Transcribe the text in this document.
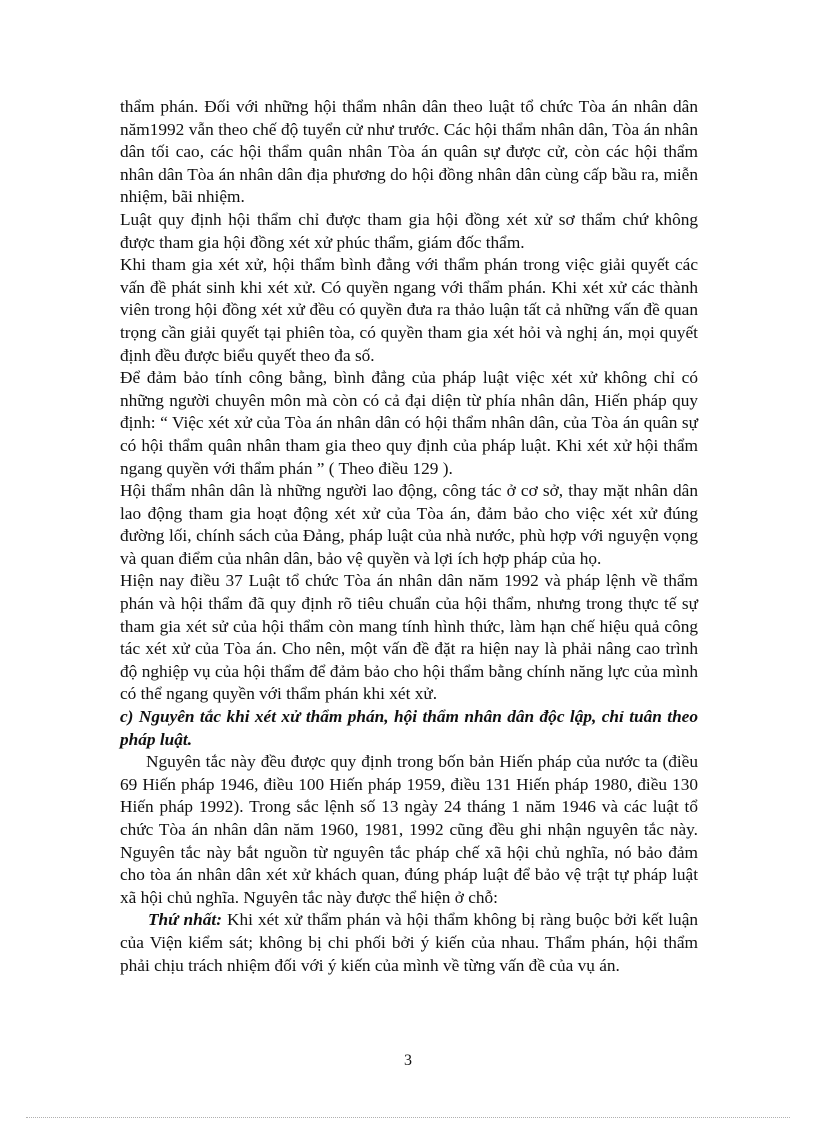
thẩm phán. Đối với những hội thẩm nhân dân theo luật tổ chức Tòa án nhân dân năm1992 vẫn theo chế độ tuyển cử như trước. Các hội thẩm nhân dân, Tòa án nhân dân tối cao, các hội thẩm quân nhân Tòa án quân sự được cử, còn các hội thẩm nhân dân Tòa án nhân dân địa phương do hội đồng nhân dân cùng cấp bầu ra, miễn nhiệm, bãi nhiệm.

Luật quy định hội thẩm chỉ được tham gia hội đồng xét xử sơ thẩm chứ không được tham gia hội đồng xét xử phúc thẩm, giám đốc thẩm.

Khi tham gia xét xử, hội thẩm bình đẳng với thẩm phán trong việc giải quyết các vấn đề phát sinh khi xét xử. Có quyền ngang với thẩm phán. Khi xét xử các thành viên trong hội đồng xét xử đều có quyền đưa ra thảo luận tất cả những vấn đề quan trọng cần giải quyết tại phiên tòa, có quyền tham gia xét hỏi và nghị án, mọi quyết định đều được biểu quyết theo đa số.

Để đảm bảo tính công bằng, bình đẳng của pháp luật việc xét xử không chỉ có những người chuyên môn mà còn có cả đại diện từ phía nhân dân, Hiến pháp quy định: “ Việc xét xử của Tòa án nhân dân có hội thẩm nhân dân, của Tòa án quân sự có hội thẩm quân nhân tham gia theo quy định của pháp luật. Khi xét xử hội thẩm ngang quyền với thẩm phán ” ( Theo điều 129 ).

Hội thẩm nhân dân là những người lao động, công tác ở cơ sở, thay mặt nhân dân lao động tham gia hoạt động xét xử của Tòa án, đảm bảo cho việc xét xử đúng đường lối, chính sách của Đảng, pháp luật của nhà nước, phù hợp với nguyện vọng và quan điểm của nhân dân, bảo vệ quyền và lợi ích hợp pháp của họ.

Hiện nay điều 37 Luật tổ chức Tòa án nhân dân năm 1992 và pháp lệnh về thẩm phán và hội thẩm đã quy định rõ tiêu chuẩn của hội thẩm, nhưng trong thực tế sự tham gia xét sử của hội thẩm còn mang tính hình thức, làm hạn chế hiệu quả công tác xét xử của Tòa án. Cho nên, một vấn đề đặt ra hiện nay là phải nâng cao trình độ nghiệp vụ của hội thẩm để đảm bảo cho hội thẩm bằng chính năng lực của mình có thể ngang quyền với thẩm phán khi xét xử.

c) Nguyên tắc khi xét xử thẩm phán, hội thẩm nhân dân độc lập, chỉ tuân theo pháp luật.

Nguyên tắc này đều được quy định trong bốn bản Hiến pháp của nước ta (điều 69 Hiến pháp 1946, điều 100 Hiến pháp 1959, điều 131 Hiến pháp 1980, điều 130 Hiến pháp 1992). Trong sắc lệnh số 13 ngày 24 tháng 1 năm 1946 và các luật tổ chức Tòa án nhân dân năm 1960, 1981, 1992 cũng đều ghi nhận nguyên tắc này. Nguyên tắc này bắt nguồn từ nguyên tắc pháp chế xã hội chủ nghĩa, nó bảo đảm cho tòa án nhân dân xét xử khách quan, đúng pháp luật để bảo vệ trật tự pháp luật xã hội chủ nghĩa. Nguyên tắc này được thể hiện ở chỗ:

Thứ nhất: Khi xét xử thẩm phán và hội thẩm không bị ràng buộc bởi kết luận của Viện kiểm sát; không bị chi phối bởi ý kiến của nhau. Thẩm phán, hội thẩm phải chịu trách nhiệm đối với ý kiến của mình về từng vấn đề của vụ án.

3
